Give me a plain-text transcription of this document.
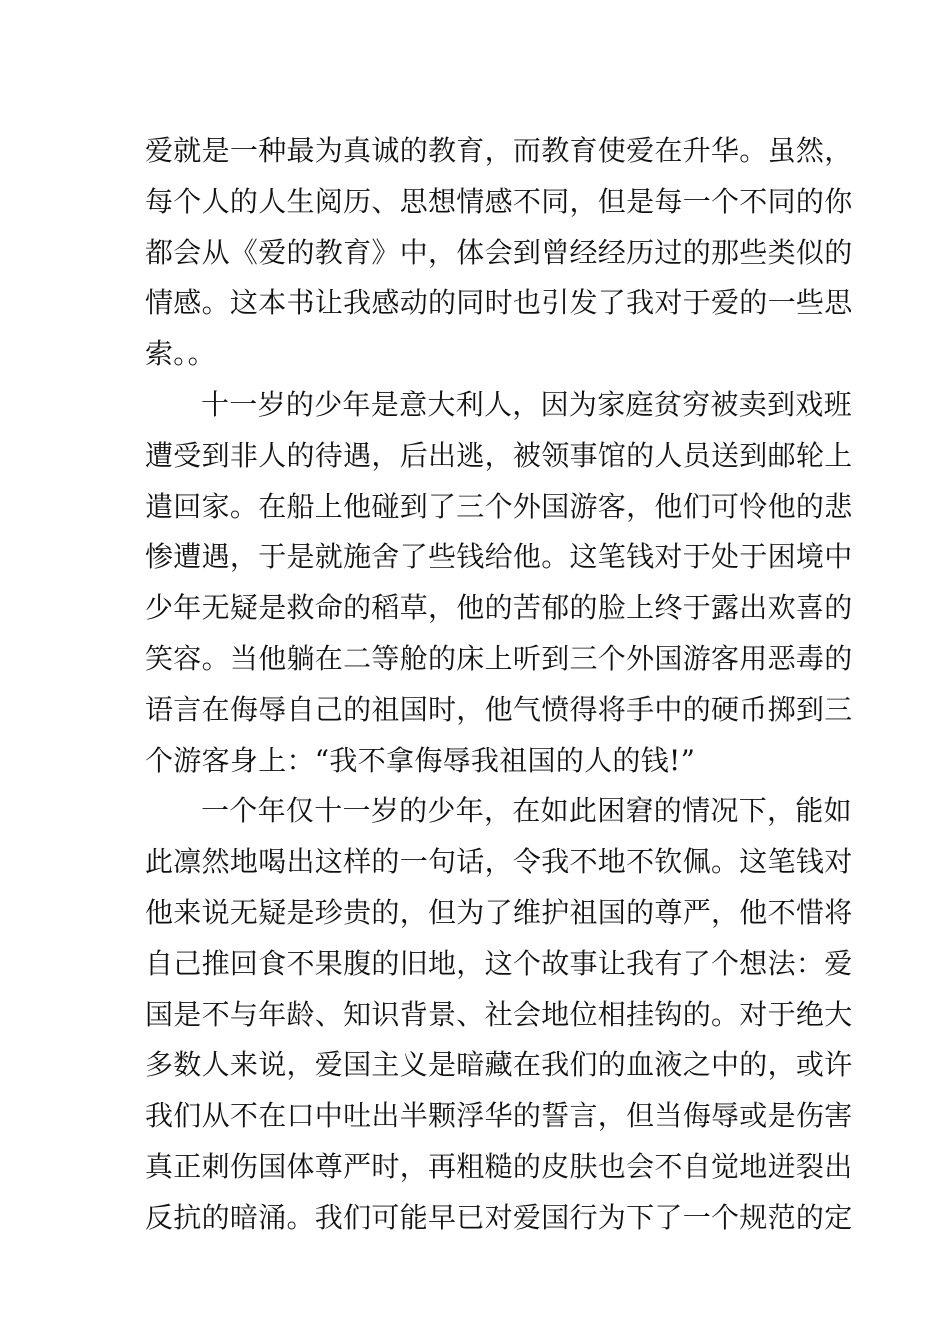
爱就是一种最为真诚的教育，而教育使爱在升华。虽然，
每个人的人生阅历、思想情感不同，但是每一个不同的你
都会从《爱的教育》中，体会到曾经经历过的那些类似的
情感。这本书让我感动的同时也引发了我对于爱的一些思
索。。
十一岁的少年是意大利人，因为家庭贫穷被卖到戏班
遭受到非人的待遇，后出逃，被领事馆的人员送到邮轮上
遣回家。在船上他碰到了三个外国游客，他们可怜他的悲
惨遭遇，于是就施舍了些钱给他。这笔钱对于处于困境中
少年无疑是救命的稻草，他的苦郁的脸上终于露出欢喜的
笑容。当他躺在二等舱的床上听到三个外国游客用恶毒的
语言在侮辱自己的祖国时，他气愤得将手中的硬币掷到三
个游客身上：“我不拿侮辱我祖国的人的钱!”
一个年仅十一岁的少年，在如此困窘的情况下，能如
此凛然地喝出这样的一句话，令我不地不钦佩。这笔钱对
他来说无疑是珍贵的，但为了维护祖国的尊严，他不惜将
自己推回食不果腹的旧地，这个故事让我有了个想法：爱
国是不与年龄、知识背景、社会地位相挂钩的。对于绝大
多数人来说，爱国主义是暗藏在我们的血液之中的，或许
我们从不在口中吐出半颗浮华的誓言，但当侮辱或是伤害
真正刺伤国体尊严时，再粗糙的皮肤也会不自觉地迸裂出
反抗的暗涌。我们可能早已对爱国行为下了一个规范的定
